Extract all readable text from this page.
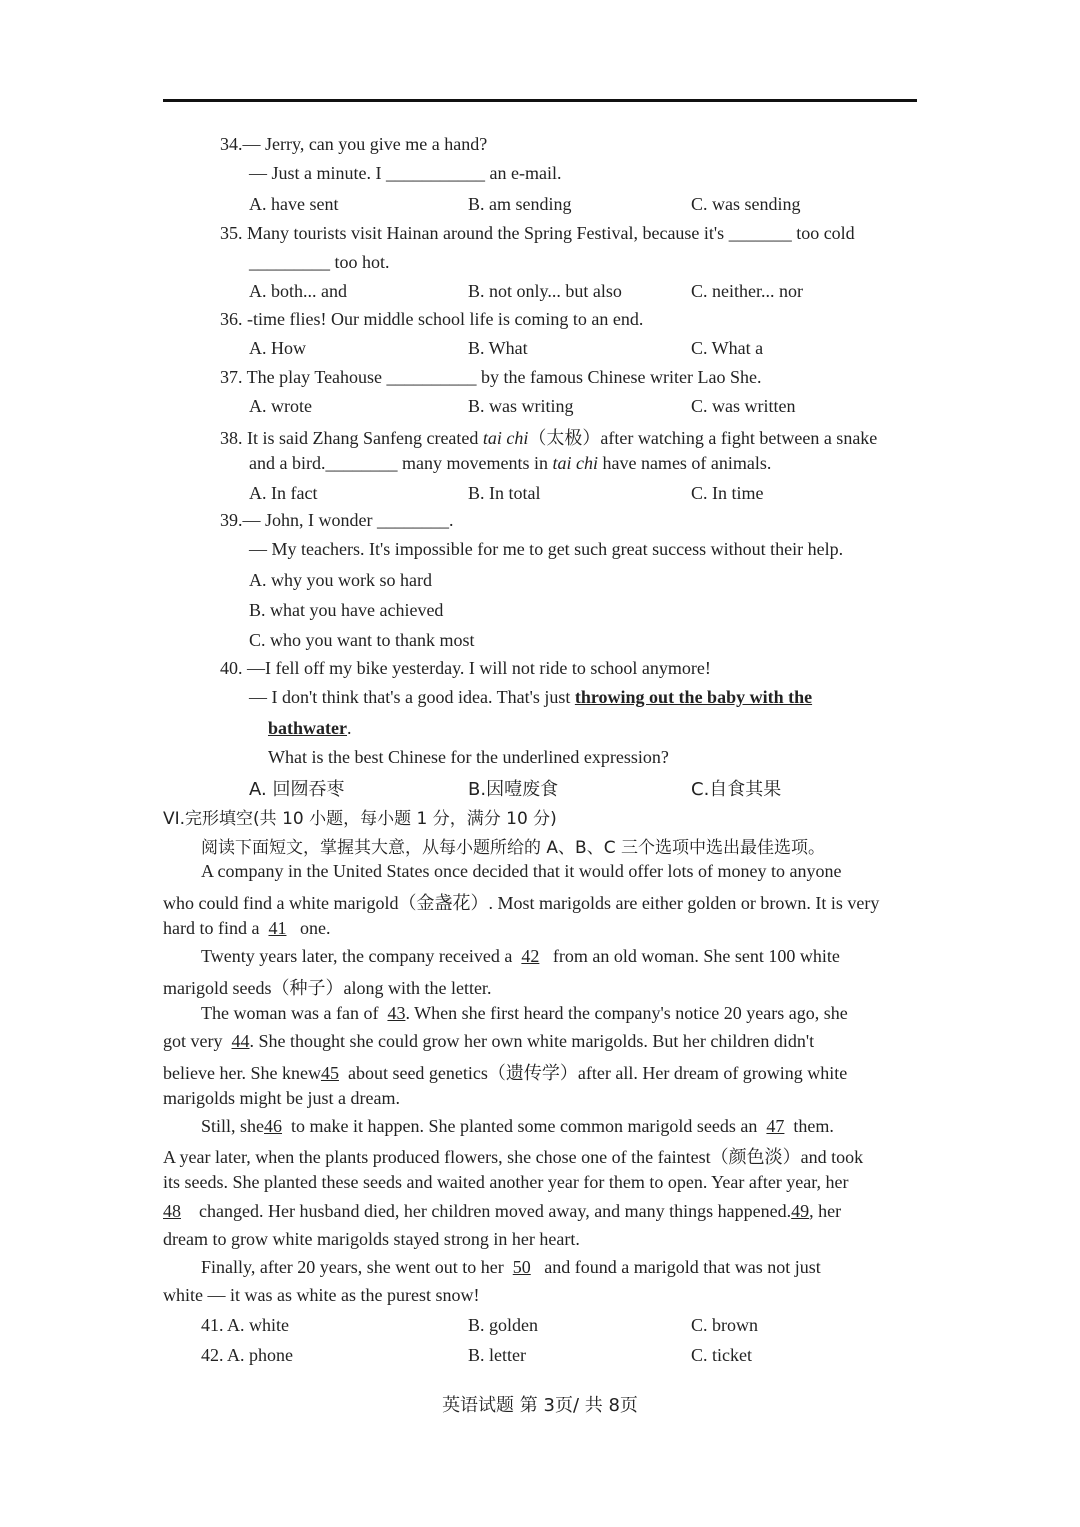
34.— Jerry, can you give me a hand?
— Just a minute. I ___________ an e-mail.
A. have sent	B. am sending	C. was sending
35. Many tourists visit Hainan around the Spring Festival, because it's _______ too cold
_________ too hot.
A. both... and	B. not only... but also	C. neither... nor
36. -time flies! Our middle school life is coming to an end.
A. How	B. What	C. What a
37. The play Teahouse __________ by the famous Chinese writer Lao She.
A. wrote	B. was writing	C. was written
38. It is said Zhang Sanfeng created tai chi（太极）after watching a fight between a snake
and a bird.________ many movements in tai chi have names of animals.
A. In fact	B. In total	C. In time
39.— John, I wonder ________.
— My teachers. It's impossible for me to get such great success without their help.
A. why you work so hard
B. what you have achieved
C. who you want to thank most
40. —I fell off my bike yesterday. I will not ride to school anymore!
— I don't think that's a good idea. That's just throwing out the baby with the
bathwater.
What is the best Chinese for the underlined expression?
A. 回囫吞枣	B.因噎废食	C.自食其果
VI.完形填空(共 10 小题，每小题 1 分，满分 10 分)
阅读下面短文，掌握其大意，从每小题所给的 A、B、C 三个选项中选出最佳选项。
A company in the United States once decided that it would offer lots of money to anyone
who could find a white marigold（金盏花）. Most marigolds are either golden or brown. It is very
hard to find a 41 one.
Twenty years later, the company received a 42 from an old woman. She sent 100 white
marigold seeds（种子）along with the letter.
The woman was a fan of 43. When she first heard the company's notice 20 years ago, she
got very 44. She thought she could grow her own white marigolds. But her children didn't
believe her. She knew45 about seed genetics（遗传学）after all. Her dream of growing white
marigolds might be just a dream.
Still, she46 to make it happen. She planted some common marigold seeds an 47 them.
A year later, when the plants produced flowers, she chose one of the faintest（颜色淡）and took
its seeds. She planted these seeds and waited another year for them to open. Year after year, her
48 changed. Her husband died, her children moved away, and many things happened.49, her
dream to grow white marigolds stayed strong in her heart.
Finally, after 20 years, she went out to her 50 and found a marigold that was not just
white — it was as white as the purest snow!
41. A. white	B. golden	C. brown
42. A. phone	B. letter	C. ticket
英语试题 第 3页/ 共 8页
